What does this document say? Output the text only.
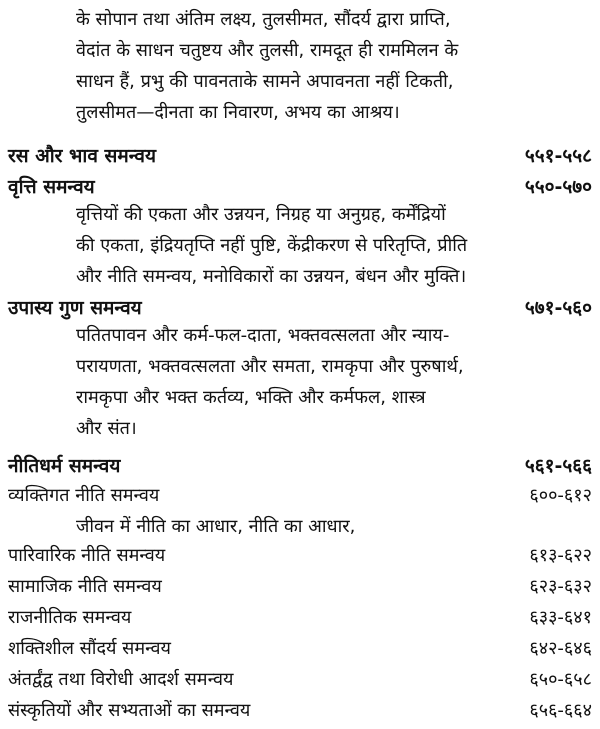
के सोपान तथा अंतिम लक्ष्य, तुलसीमत, सौंदर्य द्वारा प्राप्ति,
वेदांत के साधन चतुष्टय और तुलसी, रामदूत ही राममिलन के
साधन हैं, प्रभु की पावनताके सामने अपावनता नहीं टिकती,
तुलसीमत—दीनता का निवारण, अभय का आश्रय।
रस और भाव समन्वय	५५१-५५८
वृत्ति समन्वय	५५०-५७०
वृत्तियों की एकता और उन्नयन, निग्रह या अनुग्रह, कर्मेंद्रियों
की एकता, इंद्रियतृप्ति नहीं पुष्टि, केंद्रीकरण से परितृप्ति, प्रीति
और नीति समन्वय, मनोविकारों का उन्नयन, बंधन और मुक्ति।
उपास्य गुण समन्वय	५७१-५६०
पतितपावन और कर्म-फल-दाता, भक्तवत्सलता और न्याय-
परायणता, भक्तवत्सलता और समता, रामकृपा और पुरुषार्थ,
रामकृपा और भक्त कर्तव्य, भक्ति और कर्मफल, शास्त्र
और संत।
नीतिधर्म समन्वय	५६१-५६६
व्यक्तिगत नीति समन्वय	६००-६१२
जीवन में नीति का आधार, नीति का आधार,
पारिवारिक नीति समन्वय	६१३-६२२
सामाजिक नीति समन्वय	६२३-६३२
राजनीतिक समन्वय	६३३-६४१
शक्तिशील सौंदर्य समन्वय	६४२-६४६
अंतर्द्वंद्व तथा विरोधी आदर्श समन्वय	६५०-६५८
संस्कृतियों और सभ्यताओं का समन्वय	६५६-६६४
